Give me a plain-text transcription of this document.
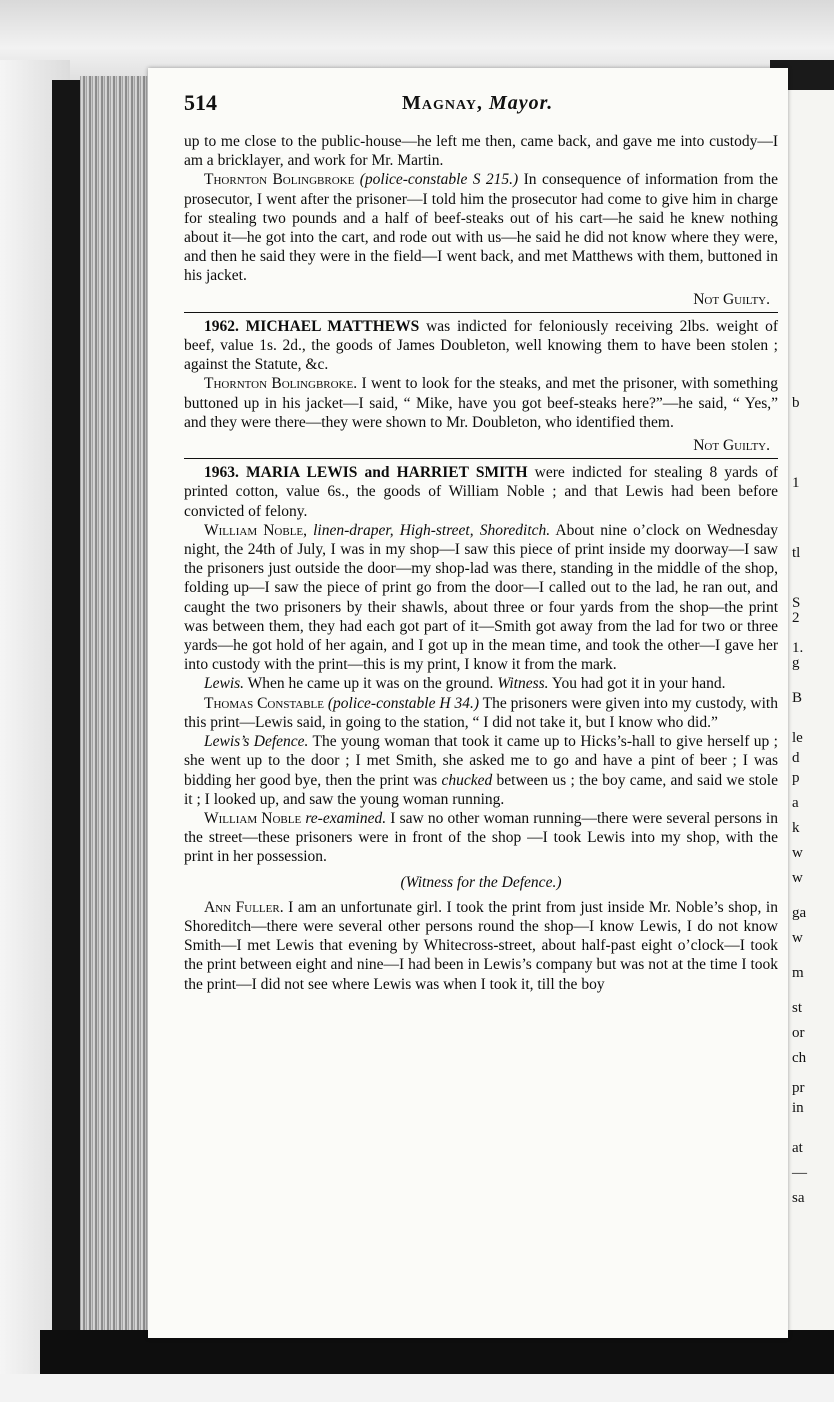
b
1
tl
S
2
1.
g
B
le
d
p
a
k
w
w
ga
w
m
st
or
ch
pr
in
at
—
sa
514	Magnay, Mayor.

up to me close to the public-house—he left me then, came back, and gave me into custody—I am a bricklayer, and work for Mr. Martin.

Thornton Bolingbroke (police-constable S 215.) In consequence of information from the prosecutor, I went after the prisoner—I told him the prosecutor had come to give him in charge for stealing two pounds and a half of beef-steaks out of his cart—he said he knew nothing about it—he got into the cart, and rode out with us—he said he did not know where they were, and then he said they were in the field—I went back, and met Matthews with them, buttoned in his jacket.

Not Guilty.

1962. MICHAEL MATTHEWS was indicted for feloniously receiving 2lbs. weight of beef, value 1s. 2d., the goods of James Doubleton, well knowing them to have been stolen ; against the Statute, &c.

Thornton Bolingbroke. I went to look for the steaks, and met the prisoner, with something buttoned up in his jacket—I said, “ Mike, have you got beef-steaks here?”—he said, “ Yes,” and they were there—they were shown to Mr. Doubleton, who identified them.

Not Guilty.

1963. MARIA LEWIS and HARRIET SMITH were indicted for stealing 8 yards of printed cotton, value 6s., the goods of William Noble ; and that Lewis had been before convicted of felony.

William Noble, linen-draper, High-street, Shoreditch. About nine o’clock on Wednesday night, the 24th of July, I was in my shop—I saw this piece of print inside my doorway—I saw the prisoners just outside the door—my shop-lad was there, standing in the middle of the shop, folding up—I saw the piece of print go from the door—I called out to the lad, he ran out, and caught the two prisoners by their shawls, about three or four yards from the shop—the print was between them, they had each got part of it—Smith got away from the lad for two or three yards—he got hold of her again, and I got up in the mean time, and took the other—I gave her into custody with the print—this is my print, I know it from the mark.

Lewis. When he came up it was on the ground. Witness. You had got it in your hand.

Thomas Constable (police-constable H 34.) The prisoners were given into my custody, with this print—Lewis said, in going to the station, “ I did not take it, but I know who did.”

Lewis’s Defence. The young woman that took it came up to Hicks’s-hall to give herself up ; she went up to the door ; I met Smith, she asked me to go and have a pint of beer ; I was bidding her good bye, then the print was chucked between us ; the boy came, and said we stole it ; I looked up, and saw the young woman running.

William Noble re-examined. I saw no other woman running—there were several persons in the street—these prisoners were in front of the shop —I took Lewis into my shop, with the print in her possession.

(Witness for the Defence.)

Ann Fuller. I am an unfortunate girl. I took the print from just inside Mr. Noble’s shop, in Shoreditch—there were several other persons round the shop—I know Lewis, I do not know Smith—I met Lewis that evening by Whitecross-street, about half-past eight o’clock—I took the print between eight and nine—I had been in Lewis’s company but was not at the time I took the print—I did not see where Lewis was when I took it, till the boy
